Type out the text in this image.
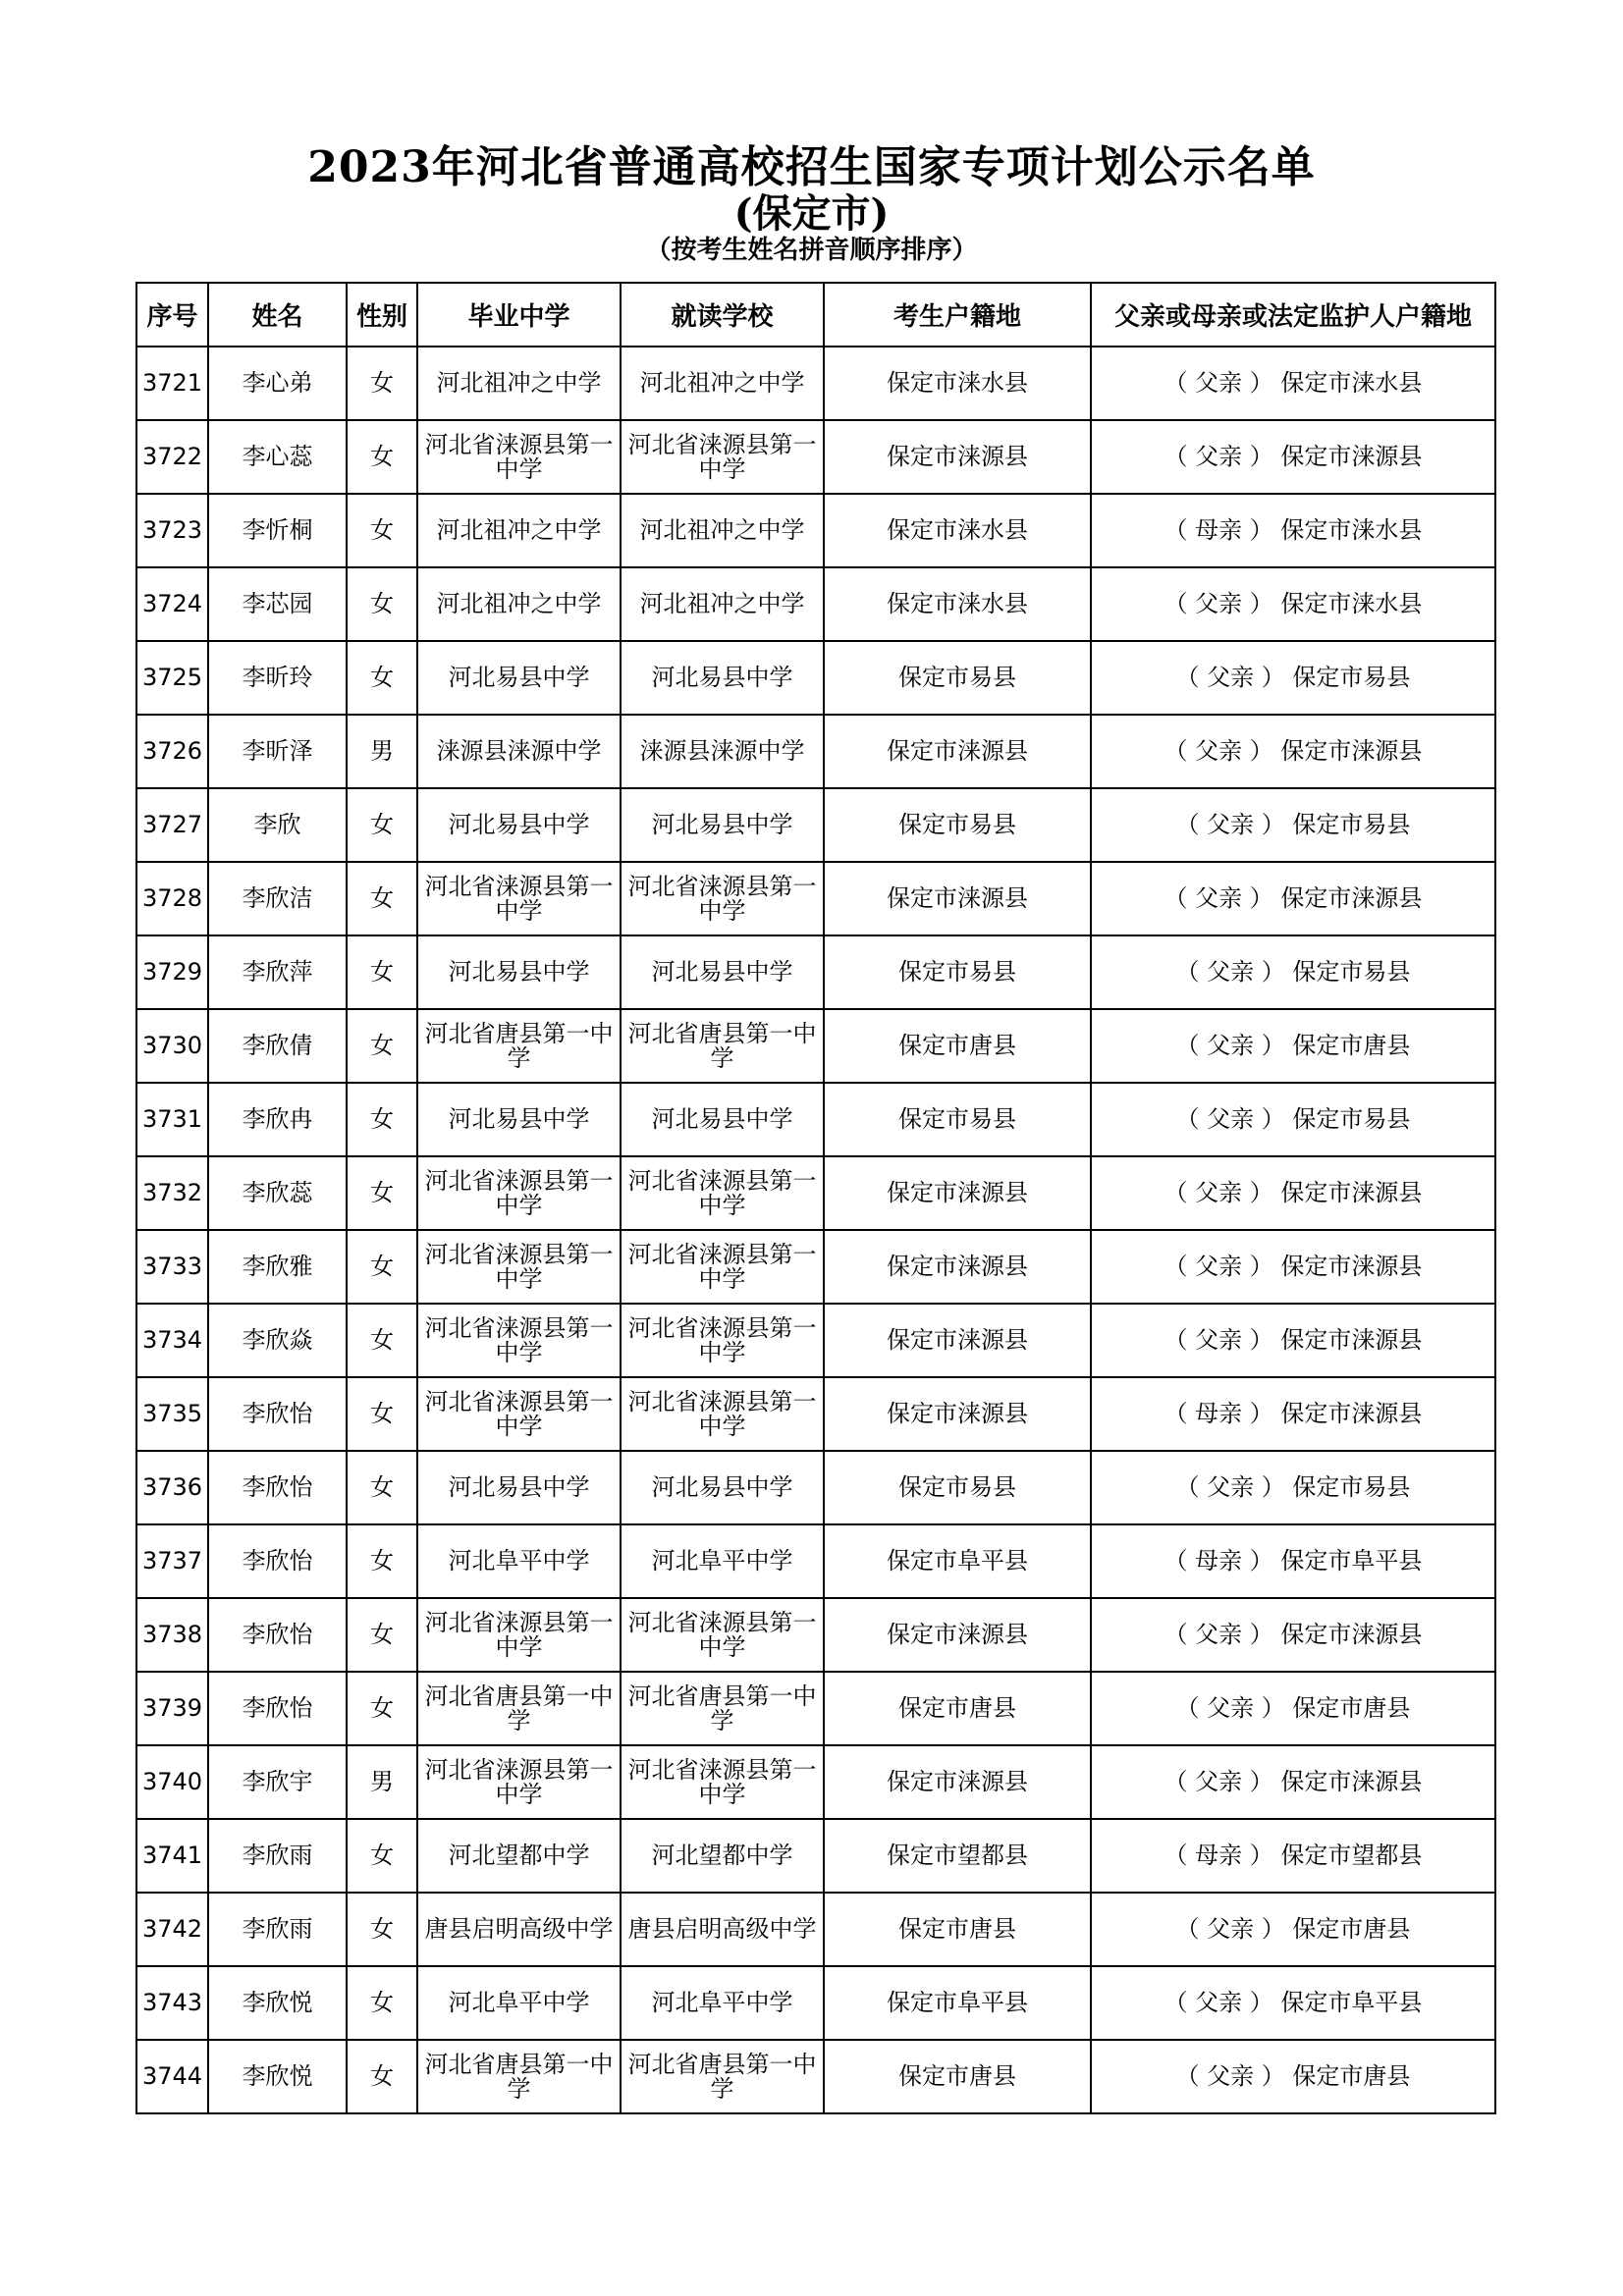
2023年河北省普通高校招生国家专项计划公示名单
(保定市)
（按考生姓名拼音顺序排序）
序号	姓名	性别	毕业中学	就读学校	考生户籍地	父亲或母亲或法定监护人户籍地
3721	李心弟	女	河北祖冲之中学	河北祖冲之中学	保定市涞水县	（ 父亲 ） 保定市涞水县
3722	李心蕊	女	河北省涞源县第一中学	河北省涞源县第一中学	保定市涞源县	（ 父亲 ） 保定市涞源县
3723	李忻桐	女	河北祖冲之中学	河北祖冲之中学	保定市涞水县	（ 母亲 ） 保定市涞水县
3724	李芯园	女	河北祖冲之中学	河北祖冲之中学	保定市涞水县	（ 父亲 ） 保定市涞水县
3725	李昕玲	女	河北易县中学	河北易县中学	保定市易县	（ 父亲 ） 保定市易县
3726	李昕泽	男	涞源县涞源中学	涞源县涞源中学	保定市涞源县	（ 父亲 ） 保定市涞源县
3727	李欣	女	河北易县中学	河北易县中学	保定市易县	（ 父亲 ） 保定市易县
3728	李欣洁	女	河北省涞源县第一中学	河北省涞源县第一中学	保定市涞源县	（ 父亲 ） 保定市涞源县
3729	李欣萍	女	河北易县中学	河北易县中学	保定市易县	（ 父亲 ） 保定市易县
3730	李欣倩	女	河北省唐县第一中学	河北省唐县第一中学	保定市唐县	（ 父亲 ） 保定市唐县
3731	李欣冉	女	河北易县中学	河北易县中学	保定市易县	（ 父亲 ） 保定市易县
3732	李欣蕊	女	河北省涞源县第一中学	河北省涞源县第一中学	保定市涞源县	（ 父亲 ） 保定市涞源县
3733	李欣雅	女	河北省涞源县第一中学	河北省涞源县第一中学	保定市涞源县	（ 父亲 ） 保定市涞源县
3734	李欣焱	女	河北省涞源县第一中学	河北省涞源县第一中学	保定市涞源县	（ 父亲 ） 保定市涞源县
3735	李欣怡	女	河北省涞源县第一中学	河北省涞源县第一中学	保定市涞源县	（ 母亲 ） 保定市涞源县
3736	李欣怡	女	河北易县中学	河北易县中学	保定市易县	（ 父亲 ） 保定市易县
3737	李欣怡	女	河北阜平中学	河北阜平中学	保定市阜平县	（ 母亲 ） 保定市阜平县
3738	李欣怡	女	河北省涞源县第一中学	河北省涞源县第一中学	保定市涞源县	（ 父亲 ） 保定市涞源县
3739	李欣怡	女	河北省唐县第一中学	河北省唐县第一中学	保定市唐县	（ 父亲 ） 保定市唐县
3740	李欣宇	男	河北省涞源县第一中学	河北省涞源县第一中学	保定市涞源县	（ 父亲 ） 保定市涞源县
3741	李欣雨	女	河北望都中学	河北望都中学	保定市望都县	（ 母亲 ） 保定市望都县
3742	李欣雨	女	唐县启明高级中学	唐县启明高级中学	保定市唐县	（ 父亲 ） 保定市唐县
3743	李欣悦	女	河北阜平中学	河北阜平中学	保定市阜平县	（ 父亲 ） 保定市阜平县
3744	李欣悦	女	河北省唐县第一中学	河北省唐县第一中学	保定市唐县	（ 父亲 ） 保定市唐县
